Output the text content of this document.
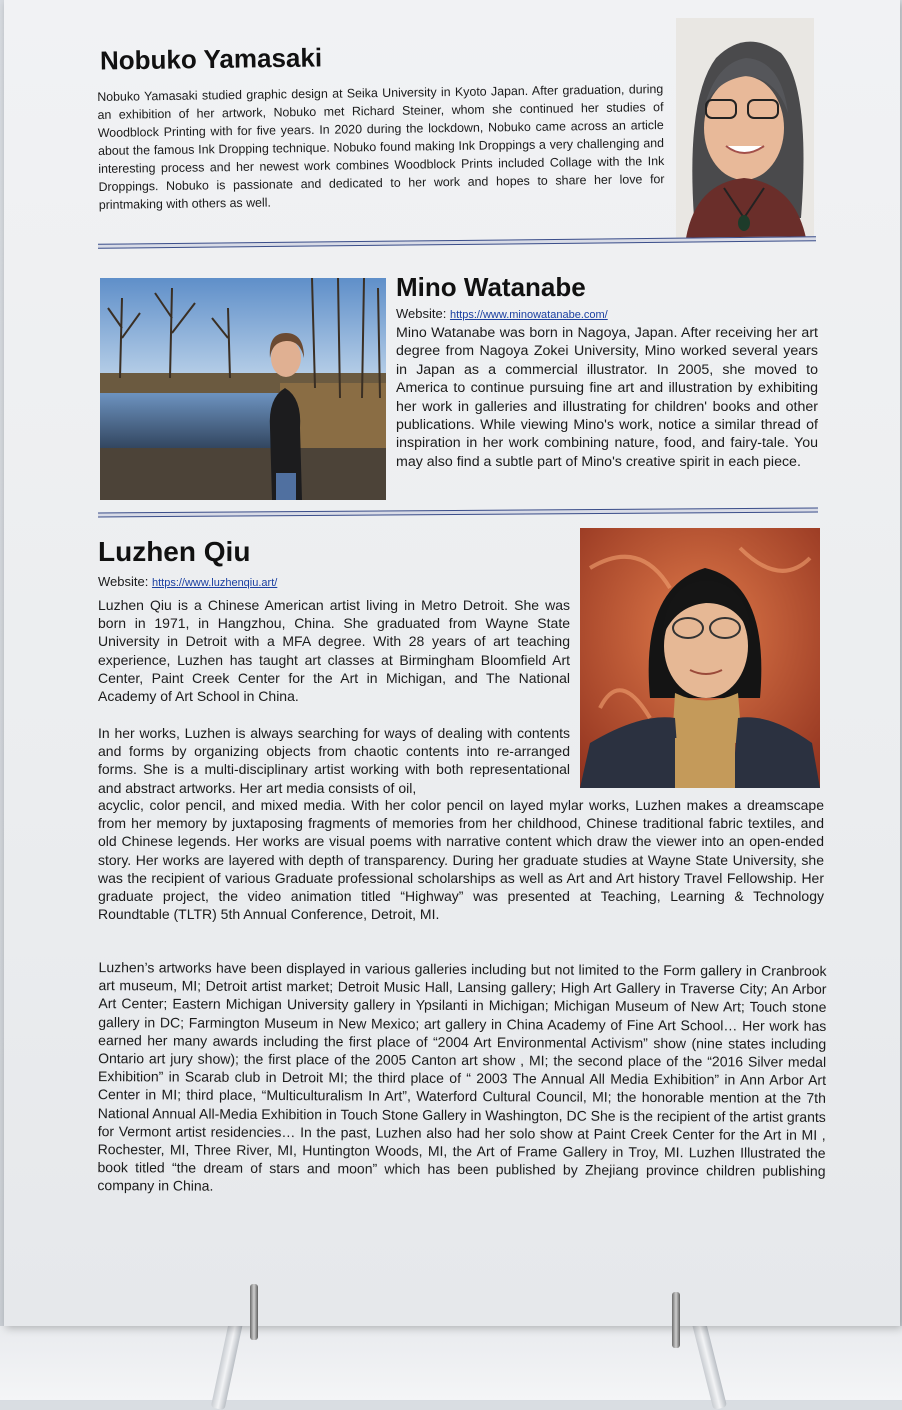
Nobuko Yamasaki

Nobuko Yamasaki studied graphic design at Seika University in Kyoto Japan. After graduation, during an exhibition of her artwork, Nobuko met Richard Steiner, whom she continued her studies of Woodblock Printing with for five years. In 2020 during the lockdown, Nobuko came across an article about the famous Ink Dropping technique. Nobuko found making Ink Droppings a very challenging and interesting process and her newest work combines Woodblock Prints included Collage with the Ink Droppings. Nobuko is passionate and dedicated to her work and hopes to share her love for printmaking with others as well.

Mino Watanabe

Website: https://www.minowatanabe.com/

Mino Watanabe was born in Nagoya, Japan. After receiving her art degree from Nagoya Zokei University, Mino worked several years in Japan as a commercial illustrator. In 2005, she moved to America to continue pursuing fine art and illustration by exhibiting her work in galleries and illustrating for children' books and other publications. While viewing Mino's work, notice a similar thread of inspiration in her work combining nature, food, and fairy-tale. You may also find a subtle part of Mino's creative spirit in each piece.

Luzhen Qiu

Website: https://www.luzhenqiu.art/

Luzhen Qiu is a Chinese American artist living in Metro Detroit. She was born in 1971, in Hangzhou, China. She graduated from Wayne State University in Detroit with a MFA degree. With 28 years of art teaching experience, Luzhen has taught art classes at Birmingham Bloomfield Art Center, Paint Creek Center for the Art in Michigan, and The National Academy of Art School in China.

In her works, Luzhen is always searching for ways of dealing with contents and forms by organizing objects from chaotic contents into re-arranged forms. She is a multi-disciplinary artist working with both representational and abstract artworks. Her art media consists of oil,

acyclic, color pencil, and mixed media. With her color pencil on layed mylar works, Luzhen makes a dreamscape from her memory by juxtaposing fragments of memories from her childhood, Chinese traditional fabric textiles, and old Chinese legends. Her works are visual poems with narrative content which draw the viewer into an open-ended story. Her works are layered with depth of transparency. During her graduate studies at Wayne State University, she was the recipient of various Graduate professional scholarships as well as Art and Art history Travel Fellowship. Her graduate project, the video animation titled “Highway” was presented at Teaching, Learning & Technology Roundtable (TLTR) 5th Annual Conference, Detroit, MI.

Luzhen’s artworks have been displayed in various galleries including but not limited to the Form gallery in Cranbrook art museum, MI; Detroit artist market; Detroit Music Hall, Lansing gallery; High Art Gallery in Traverse City; An Arbor Art Center; Eastern Michigan University gallery in Ypsilanti in Michigan; Michigan Museum of New Art; Touch stone gallery in DC; Farmington Museum in New Mexico; art gallery in China Academy of Fine Art School… Her work has earned her many awards including the first place of “2004 Art Environmental Activism” show (nine states including Ontario art jury show); the first place of the 2005 Canton art show , MI; the second place of the “2016 Silver medal Exhibition” in Scarab club in Detroit MI; the third place of “ 2003 The Annual All Media Exhibition” in Ann Arbor Art Center in MI; third place, “Multiculturalism In Art”, Waterford Cultural Council, MI; the honorable mention at the 7th National Annual All-Media Exhibition in Touch Stone Gallery in Washington, DC She is the recipient of the artist grants for Vermont artist residencies… In the past, Luzhen also had her solo show at Paint Creek Center for the Art in MI , Rochester, MI, Three River, MI, Huntington Woods, MI, the Art of Frame Gallery in Troy, MI. Luzhen Illustrated the book titled “the dream of stars and moon” which has been published by Zhejiang province children publishing company in China.
